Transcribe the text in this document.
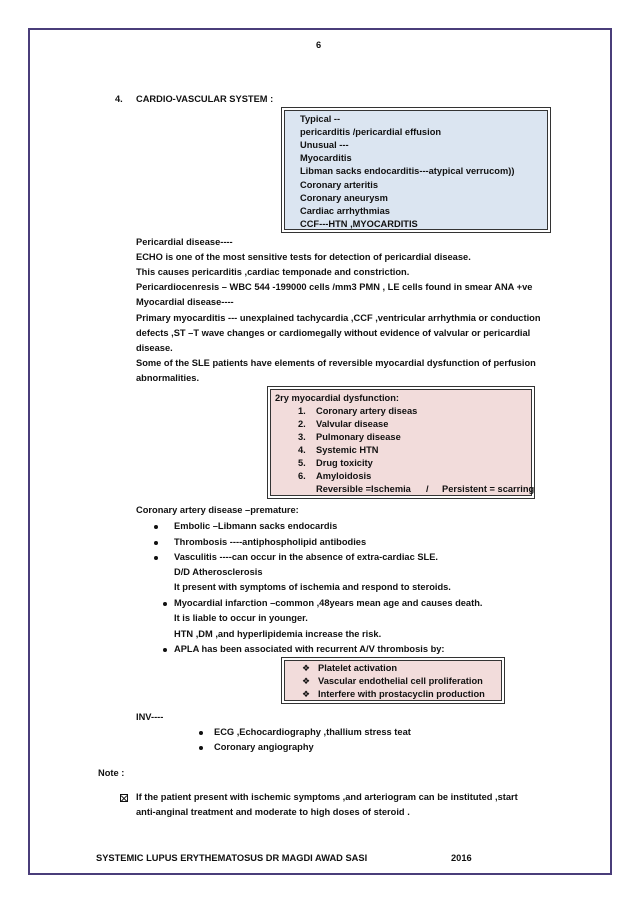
6
4. CARDIO-VASCULAR SYSTEM :
Typical --
pericarditis /pericardial effusion
Unusual ---
Myocarditis
Libman sacks endocarditis---atypical verrucom))
Coronary arteritis
Coronary aneurysm
Cardiac arrhythmias
CCF---HTN ,MYOCARDITIS
Pericardial disease----
ECHO is one of the most sensitive tests for detection of pericardial disease.
This causes pericarditis ,cardiac temponade and constriction.
Pericardiocenresis – WBC 544 -199000 cells /mm3 PMN , LE cells found in smear ANA +ve
Myocardial disease----
Primary myocarditis --- unexplained tachycardia ,CCF ,ventricular arrhythmia or conduction
defects ,ST –T wave changes or cardiomegally without evidence of valvular or pericardial
disease.
Some of the SLE patients have elements of reversible myocardial dysfunction of perfusion
abnormalities.
2ry myocardial dysfunction:
1. Coronary artery diseas
2. Valvular disease
3. Pulmonary disease
4. Systemic HTN
5. Drug toxicity
6. Amyloidosis
Reversible =Ischemia / Persistent = scarring
Coronary artery disease –premature:
Embolic –Libmann sacks endocardis
Thrombosis ----antiphospholipid antibodies
Vasculitis ----can occur in the absence of extra-cardiac SLE.
D/D Atherosclerosis
It present with symptoms of ischemia and respond to steroids.
Myocardial infarction –common ,48years mean age and causes death.
It is liable to occur in younger.
HTN ,DM ,and hyperlipidemia increase the risk.
APLA has been associated with recurrent A/V thrombosis by:
❖ Platelet activation
❖ Vascular endothelial cell proliferation
❖ Interfere with prostacyclin production
INV----
ECG ,Echocardiography ,thallium stress teat
Coronary angiography
Note :
If the patient present with ischemic symptoms ,and arteriogram can be instituted ,start
anti-anginal treatment and moderate to high doses of steroid .
SYSTEMIC LUPUS ERYTHEMATOSUS DR MAGDI AWAD SASI	2016
